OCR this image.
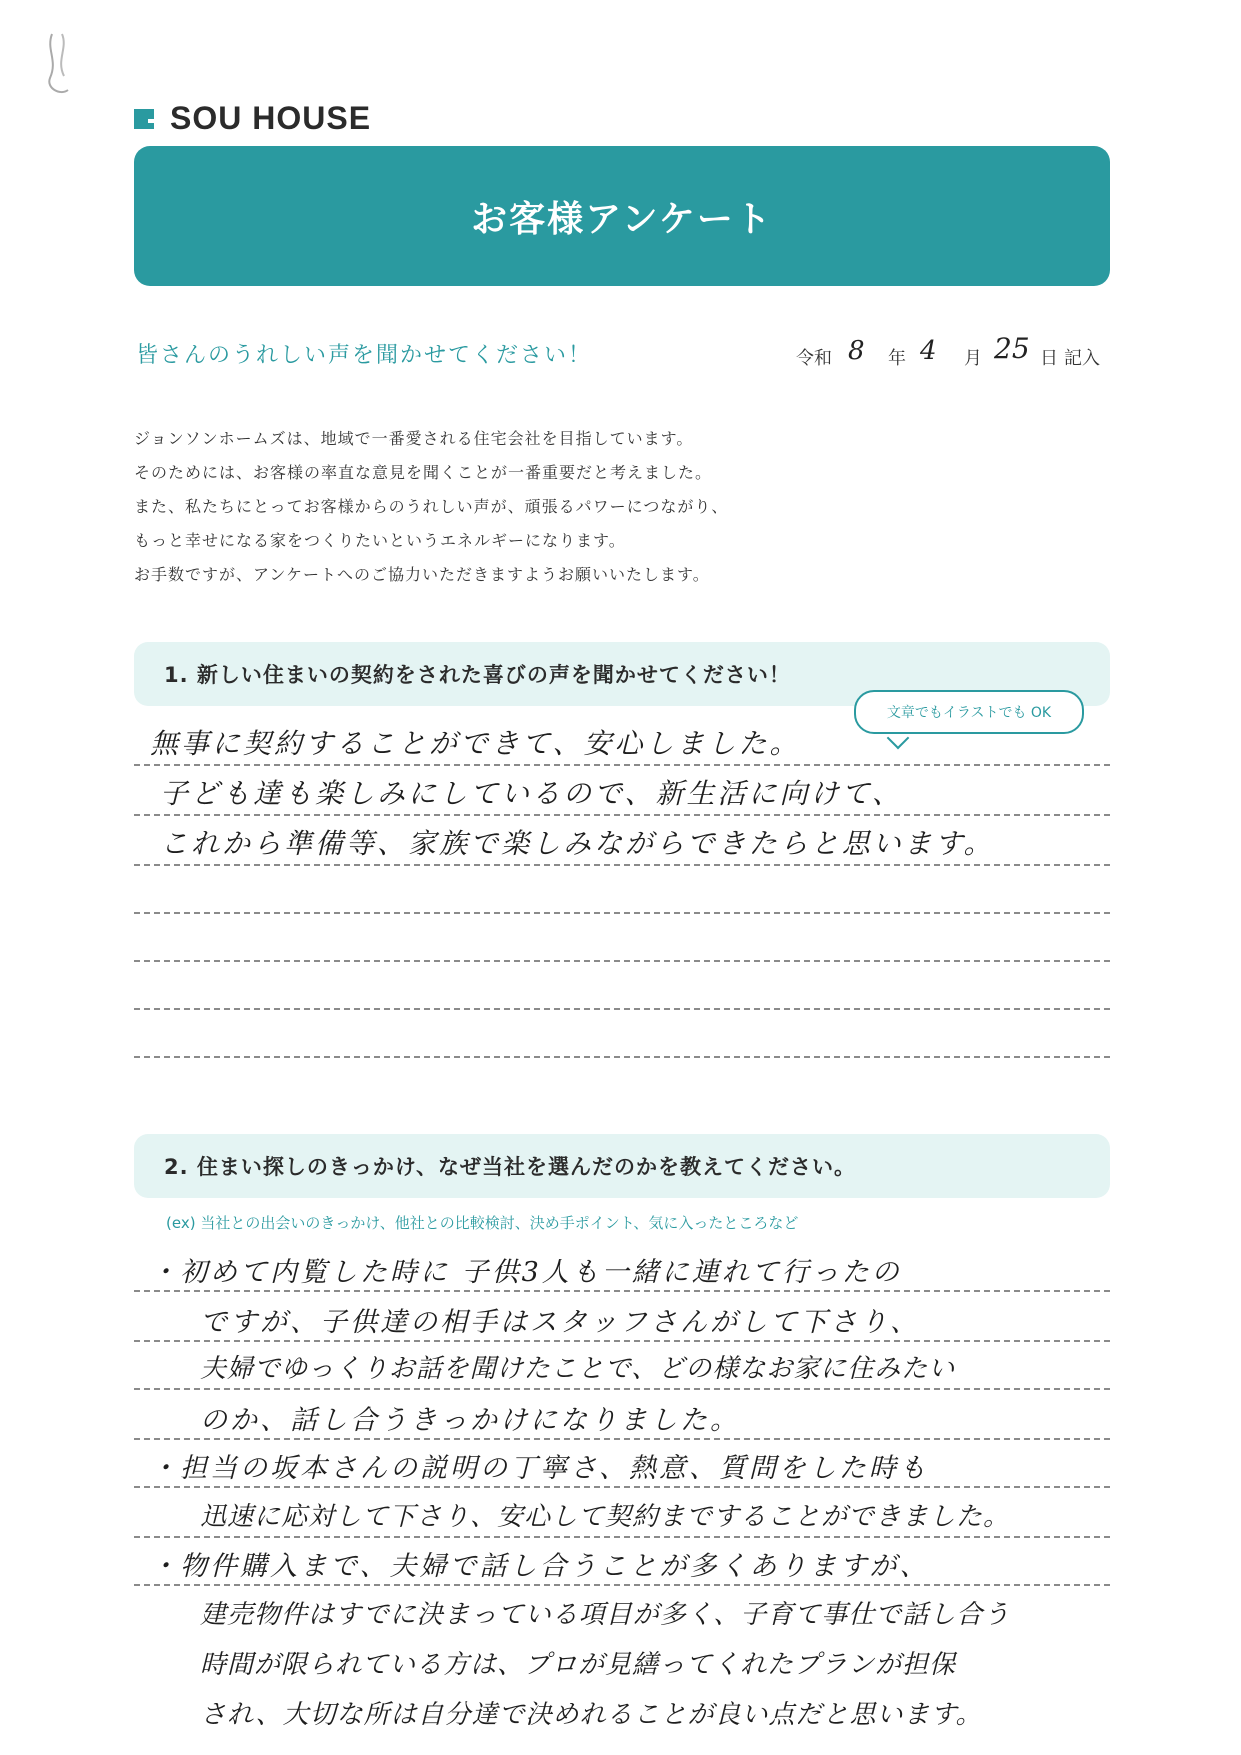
SOU HOUSE
お客様アンケート
皆さんのうれしい声を聞かせてください！	令和 8 年 4 月 25 日 記入
ジョンソンホームズは、地域で一番愛される住宅会社を目指しています。
そのためには、お客様の率直な意見を聞くことが一番重要だと考えました。
また、私たちにとってお客様からのうれしい声が、頑張るパワーにつながり、
もっと幸せになる家をつくりたいというエネルギーになります。
お手数ですが、アンケートへのご協力いただきますようお願いいたします。
1. 新しい住まいの契約をされた喜びの声を聞かせてください！
文章でもイラストでも OK
無事に契約することができて、安心しました。
子ども達も楽しみにしているので、新生活に向けて、
これから準備等、家族で楽しみながらできたらと思います。
2. 住まい探しのきっかけ、なぜ当社を選んだのかを教えてください。
(ex) 当社との出会いのきっかけ、他社との比較検討、決め手ポイント、気に入ったところなど
・初めて内覧した時に 子供3人も一緒に連れて行ったの
ですが、子供達の相手はスタッフさんがして下さり、
夫婦でゆっくりお話を聞けたことで、どの様なお家に住みたい
のか、話し合うきっかけになりました。
・担当の坂本さんの説明の丁寧さ、熱意、質問をした時も
迅速に応対して下さり、安心して契約まですることができました。
・物件購入まで、夫婦で話し合うことが多くありますが、
建売物件はすでに決まっている項目が多く、子育て事仕で話し合う
時間が限られている方は、プロが見繕ってくれたプランが担保
され、大切な所は自分達で決めれることが良い点だと思います。
